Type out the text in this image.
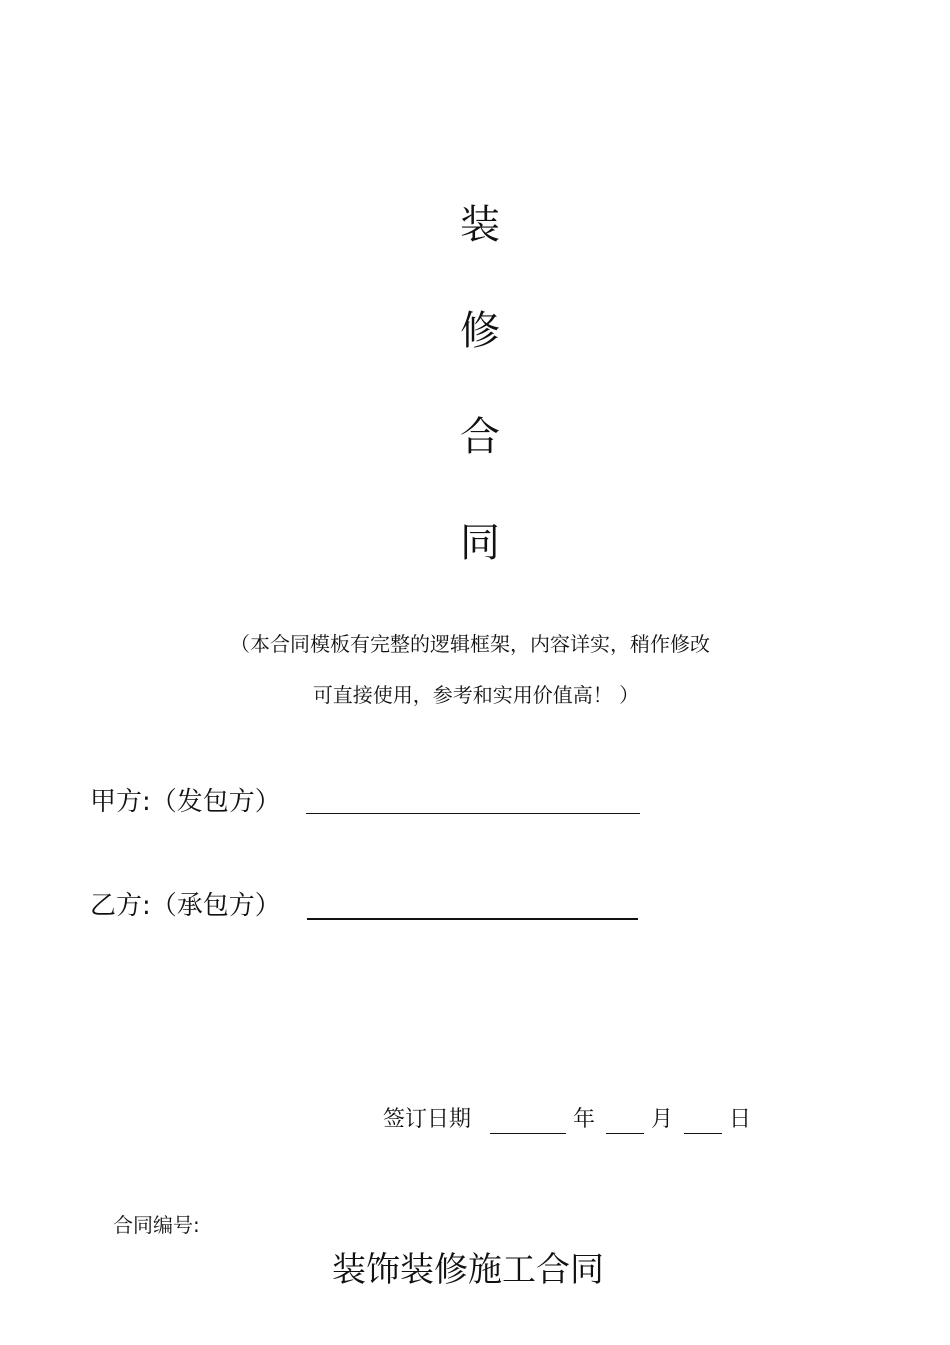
装
修
合
同
（本合同模板有完整的逻辑框架，内容详实，稍作修改
可直接使用，参考和实用价值高！ ）
甲方:（发包方）
乙方:（承包方）
签订日期	年	月	日
合同编号:
装饰装修施工合同
